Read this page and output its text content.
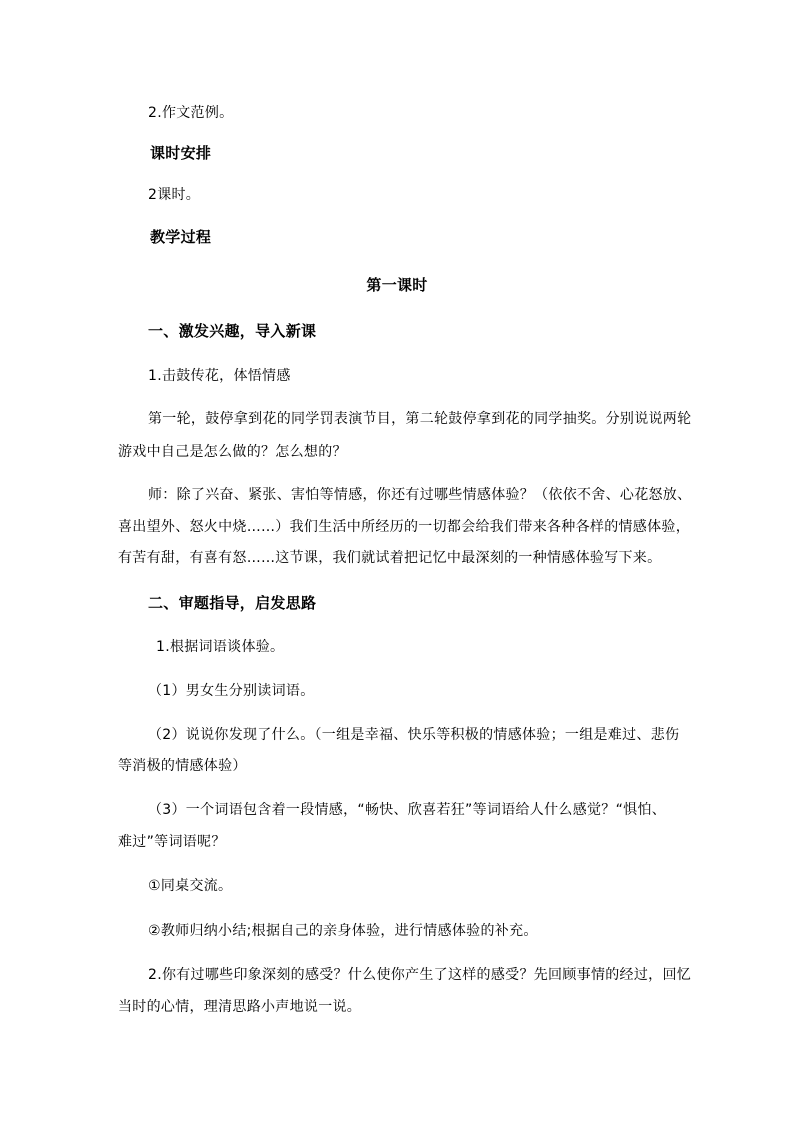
2.作文范例。
课时安排
2课时。
教学过程
第一课时
一、激发兴趣，导入新课
1.击鼓传花，体悟情感
第一轮，鼓停拿到花的同学罚表演节目，第二轮鼓停拿到花的同学抽奖。分别说说两轮
游戏中自己是怎么做的？怎么想的？
师：除了兴奋、紧张、害怕等情感，你还有过哪些情感体验？（依依不舍、心花怒放、
喜出望外、怒火中烧……）我们生活中所经历的一切都会给我们带来各种各样的情感体验，
有苦有甜，有喜有怒……这节课，我们就试着把记忆中最深刻的一种情感体验写下来。
二、审题指导，启发思路
1.根据词语谈体验。
（1）男女生分别读词语。
（2）说说你发现了什么。（一组是幸福、快乐等积极的情感体验；一组是难过、悲伤
等消极的情感体验）
（3）一个词语包含着一段情感，“畅快、欣喜若狂”等词语给人什么感觉？“惧怕、
难过”等词语呢？
①同桌交流。
②教师归纳小结;根据自己的亲身体验，进行情感体验的补充。
2.你有过哪些印象深刻的感受？什么使你产生了这样的感受？先回顾事情的经过，回忆
当时的心情，理清思路小声地说一说。
